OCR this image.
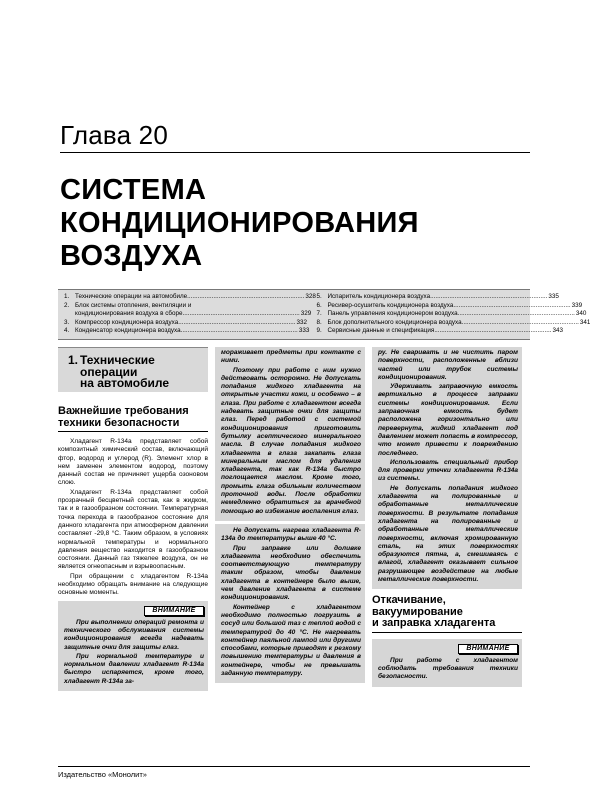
Глава 20
СИСТЕМА
КОНДИЦИОНИРОВАНИЯ
ВОЗДУХА
1. Технические операции на автомобиле................................................................... 328
2. Блок системы отопления, вентиляции и
кондиционирования воздуха в сборе................................................................... 329
3. Компрессор кондиционера воздуха................................................................... 332
4. Конденсатор кондиционера воздуха................................................................... 333
5. Испаритель кондиционера воздуха................................................................... 335
6. Ресивер-осушитель кондиционера воздуха................................................................... 339
7. Панель управления кондиционером воздуха................................................................... 340
8. Блок дополнительного кондиционера воздуха................................................................... 341
9. Сервисные данные и спецификация................................................................... 343
1. Технические
операции
на автомобиле
Важнейшие требования
техники безопасности

Хладагент R-134a представляет собой композитный химический состав, включающий фтор, водород и углерод (R). Элемент хлор в нем заменен элементом водород, поэтому данный состав не причиняет ущерба озоновом слою.

Хладагент R-134a представляет собой прозрачный бесцветный состав, как в жидком, так и в газообразном состоянии. Температурная точка перехода в газообразное состояние для данного хладагента при атмосферном давлении составляет -29,8 °С. Таким образом, в условиях нормальной температуры и нормального давления вещество находится в газообразном состоянии. Данный газ тяжелее воздуха, он не является огнеопасным и взрывоопасным.

При обращении с хладагентом R-134a необходимо обращать внимание на следующие основные моменты.

ВНИМАНИЕ

При выполнении операций ремонта и технического обслуживания системы кондиционирования всегда надевать защитные очки для защиты глаз.

При нормальной температуре и нормальном давлении хладагент R-134a быстро испаряется, кроме того, хладагент R-134a за-

мораживает предметы при контакте с ними.

Поэтому при работе с ним нужно действовать осторожно. Не допускать попадания жидкого хладагента на открытые участки кожи, и особенно – в глаза. При работе с хладагентом всегда надевать защитные очки для защиты глаз. Перед работой с системой кондиционирования приготовить бутылку асептического минерального масла. В случае попадания жидкого хладагента в глаза закапать глаза минеральным маслом для удаления хладагента, так как R-134a быстро поглощается маслом. Кроме того, промыть глаза обильным количеством проточной воды. После обработки немедленно обратиться за врачебной помощью во избежание воспаления глаз.

Не допускать нагрева хладагента R-134a до температуры выше 40 °С.

При заправке или доливке хладагента необходимо обеспечить соответствующую температуру таким образом, чтобы давление хладагента в контейнере было выше, чем давление хладагента в системе кондиционирования.

Контейнер с хладагентом необходимо полностью погрузить в сосуд или большой таз с теплой водой с температурой до 40 °С. Не нагревать контейнер паяльной лампой или другими способами, которые приводят к резкому повышению температуры и давления в контейнере, чтобы не превышать заданную температуру.

ру. Не сваривать и не чистить паром поверхности, расположенные вблизи частей или трубок системы кондиционирования.

Удерживать заправочную емкость вертикально в процессе заправки системы кондиционирования. Если заправочная емкость будет расположена горизонтально или перевернута, жидкий хладагент под давлением может попасть в компрессор, что может привести к повреждению последнего.

Использовать специальный прибор для проверки утечки хладагента R-134a из системы.

Не допускать попадания жидкого хладагента на полированные и обработанные металлические поверхности. В результате попадания хладагента на полированные и обработанные металлические поверхности, включая хромированную сталь, на этих поверхностях образуются пятна, а, смешиваясь с влагой, хладагент оказывает сильное разрушающее воздействие на любые металлические поверхности.

Откачивание,
вакуумирование
и заправка хладагента
ВНИМАНИЕ

При работе с хладагентом соблюдать требования техники безопасности.

Издательство «Монолит»
